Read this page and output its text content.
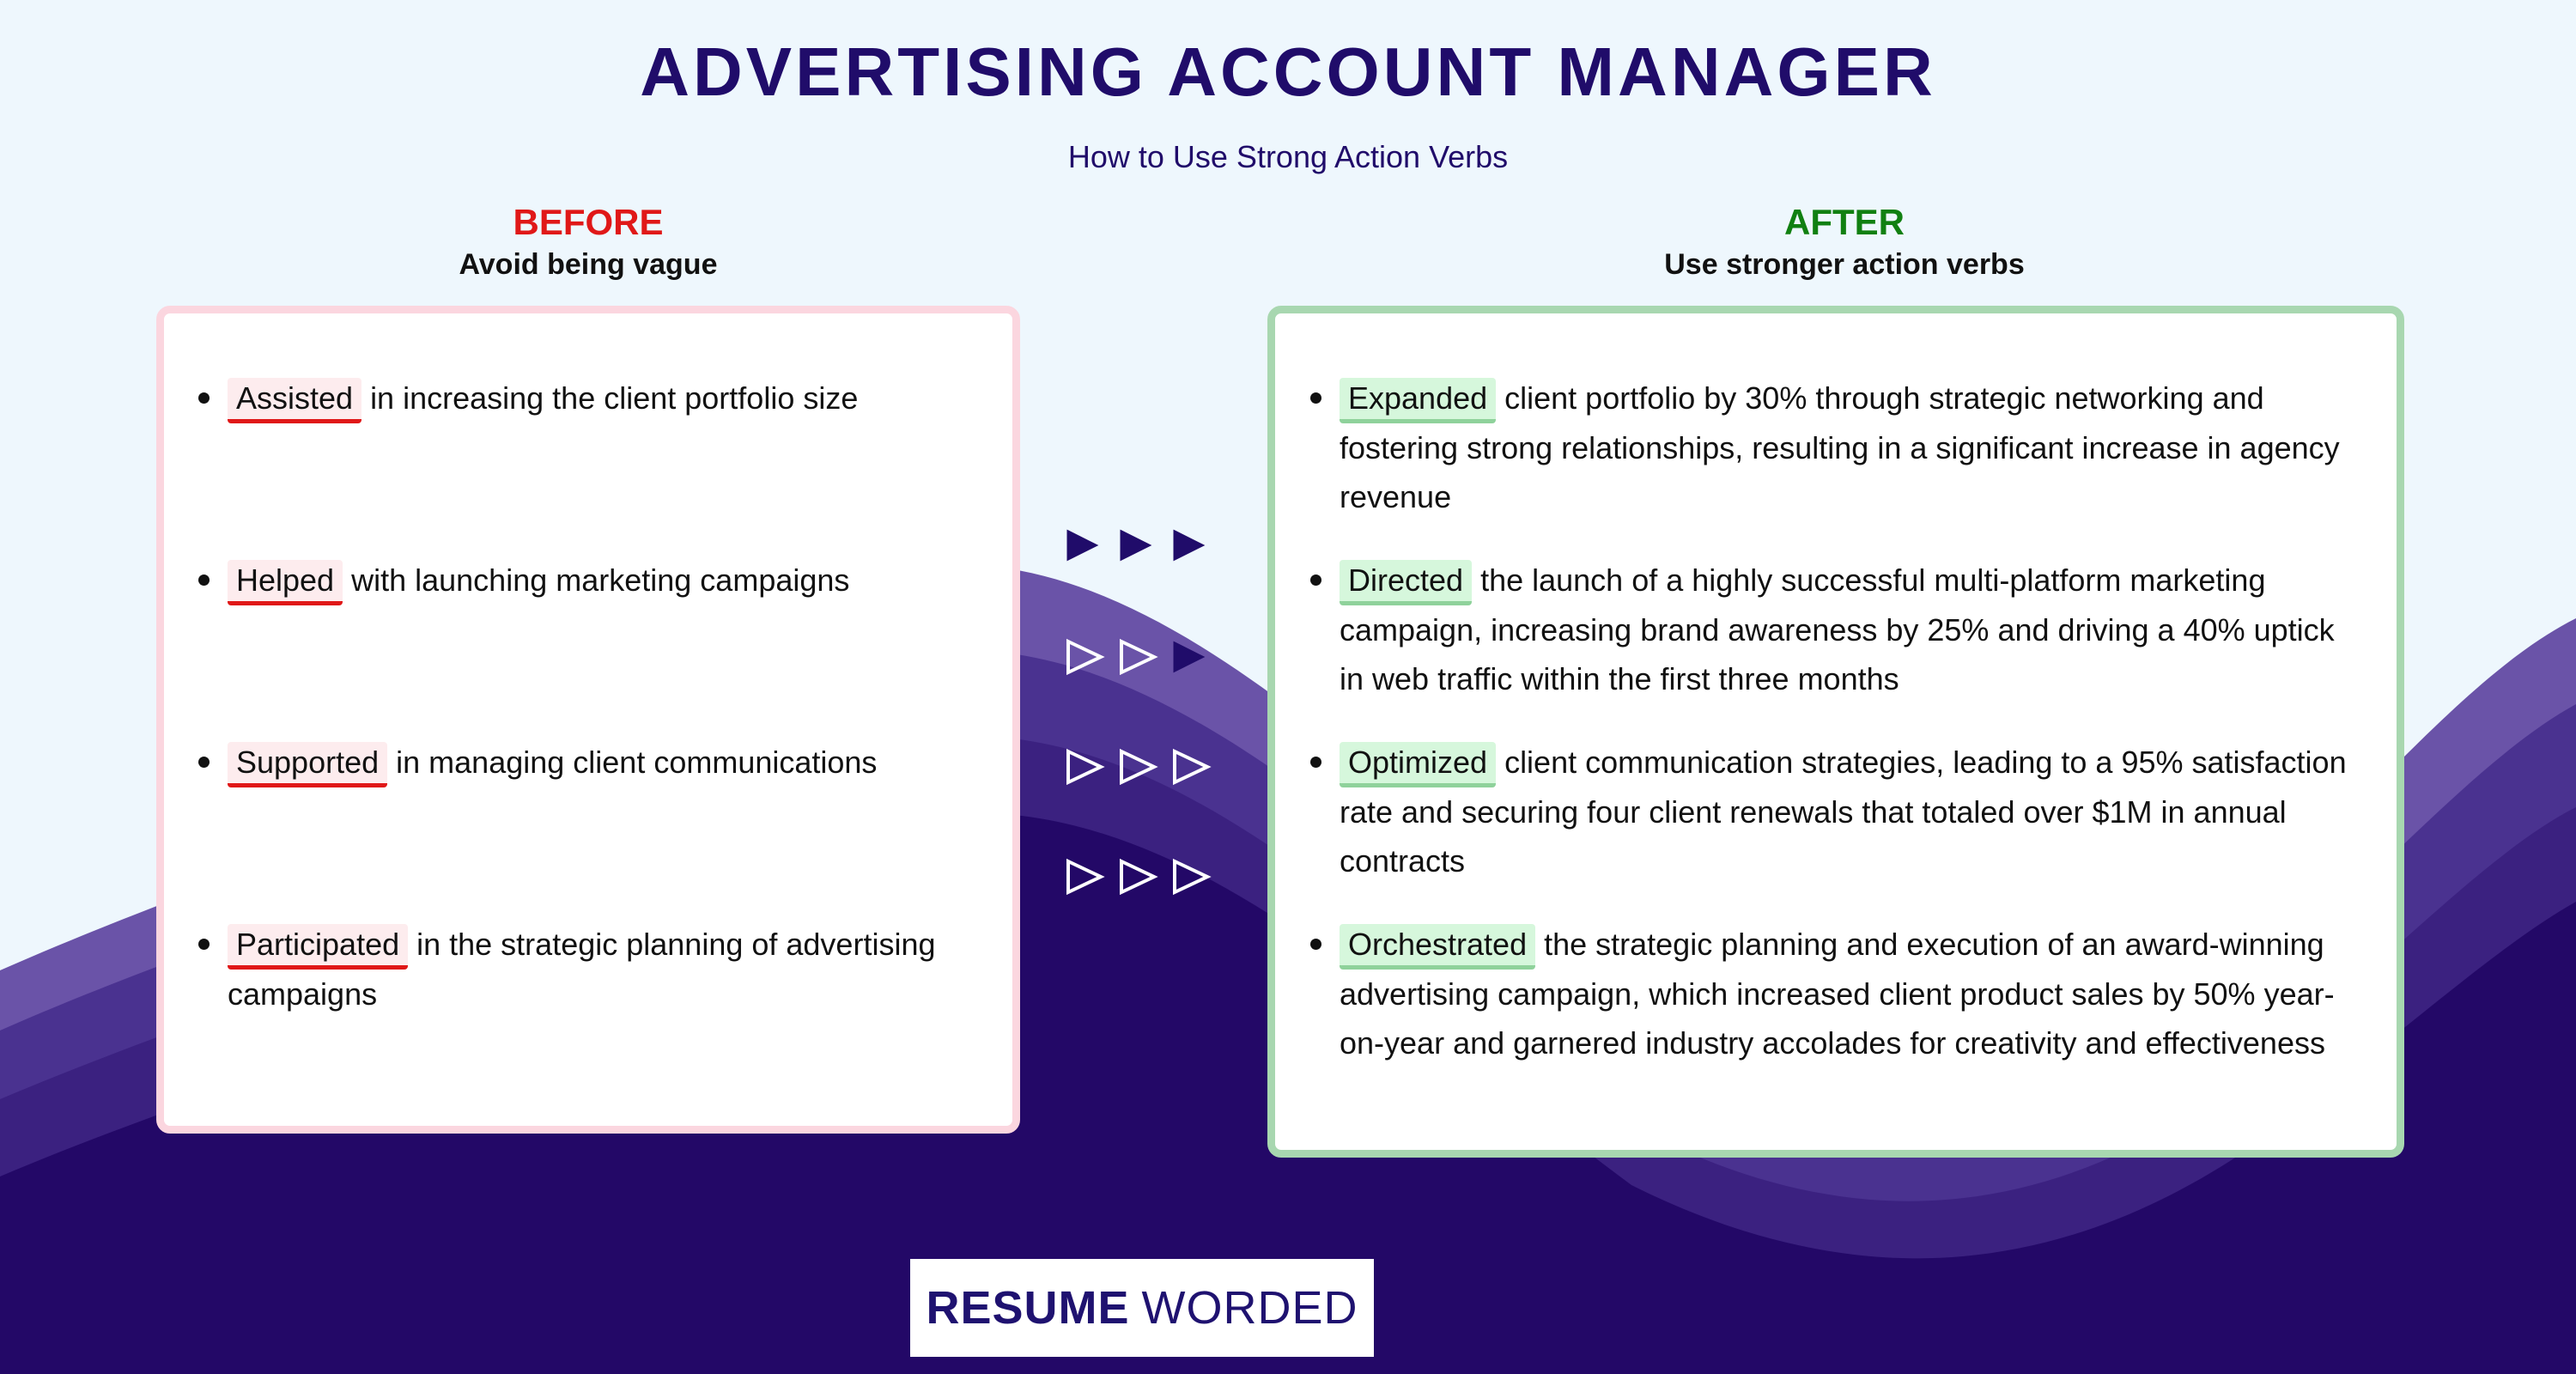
ADVERTISING ACCOUNT MANAGER
How to Use Strong Action Verbs
BEFORE
Avoid being vague
AFTER
Use stronger action verbs
Assisted in increasing the client portfolio size
Helped with launching marketing campaigns
Supported in managing client communications
Participated in the strategic planning of advertising campaigns
Expanded client portfolio by 30% through strategic networking and fostering strong relationships, resulting in a significant increase in agency revenue
Directed the launch of a highly successful multi-platform marketing campaign, increasing brand awareness by 25% and driving a 40% uptick in web traffic within the first three months
Optimized client communication strategies, leading to a 95% satisfaction rate and securing four client renewals that totaled over $1M in annual contracts
Orchestrated the strategic planning and execution of an award-winning advertising campaign, which increased client product sales by 50% year-on-year and garnered industry accolades for creativity and effectiveness
RESUME WORDED
